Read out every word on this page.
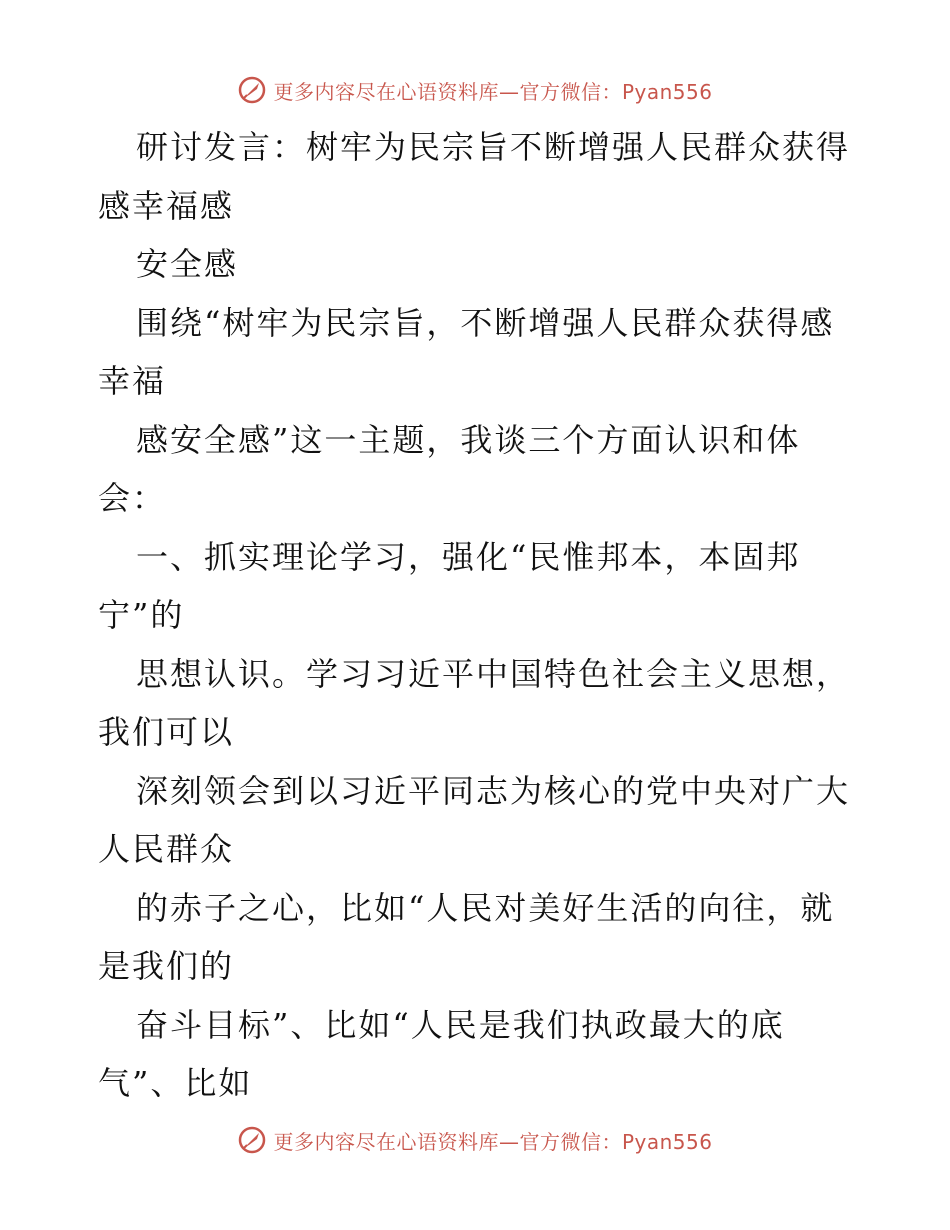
更多内容尽在心语资料库—官方微信：Pyan556
研讨发言：树牢为民宗旨不断增强人民群众获得
感幸福感
安全感
围绕“树牢为民宗旨，不断增强人民群众获得感
幸福
感安全感”这一主题，我谈三个方面认识和体
会：
一、抓实理论学习，强化“民惟邦本，本固邦
宁”的
思想认识。学习习近平中国特色社会主义思想，
我们可以
深刻领会到以习近平同志为核心的党中央对广大
人民群众
的赤子之心，比如“人民对美好生活的向往，就
是我们的
奋斗目标”、比如“人民是我们执政最大的底
气”、比如
更多内容尽在心语资料库—官方微信：Pyan556
